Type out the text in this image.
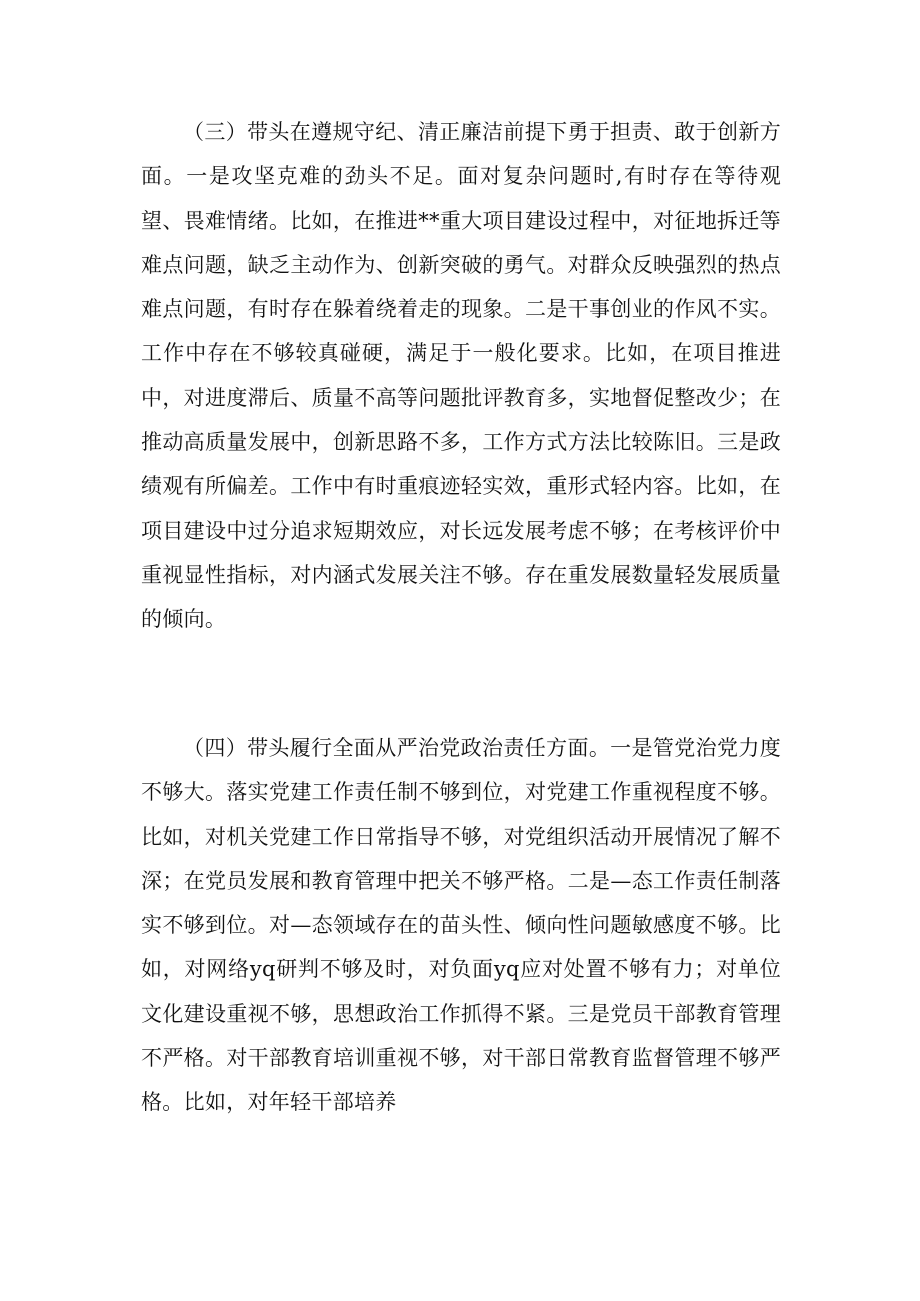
（三）带头在遵规守纪、清正廉洁前提下勇于担责、敢于创新方面。一是攻坚克难的劲头不足。面对复杂问题时,有时存在等待观望、畏难情绪。比如，在推进**重大项目建设过程中，对征地拆迁等难点问题，缺乏主动作为、创新突破的勇气。对群众反映强烈的热点难点问题，有时存在躲着绕着走的现象。二是干事创业的作风不实。工作中存在不够较真碰硬，满足于一般化要求。比如，在项目推进中，对进度滞后、质量不高等问题批评教育多，实地督促整改少；在推动高质量发展中，创新思路不多，工作方式方法比较陈旧。三是政绩观有所偏差。工作中有时重痕迹轻实效，重形式轻内容。比如，在项目建设中过分追求短期效应，对长远发展考虑不够；在考核评价中重视显性指标，对内涵式发展关注不够。存在重发展数量轻发展质量的倾向。

（四）带头履行全面从严治党政治责任方面。一是管党治党力度不够大。落实党建工作责任制不够到位，对党建工作重视程度不够。比如，对机关党建工作日常指导不够，对党组织活动开展情况了解不深；在党员发展和教育管理中把关不够严格。二是—态工作责任制落实不够到位。对—态领域存在的苗头性、倾向性问题敏感度不够。比如，对网络yq研判不够及时，对负面yq应对处置不够有力；对单位文化建设重视不够，思想政治工作抓得不紧。三是党员干部教育管理不严格。对干部教育培训重视不够，对干部日常教育监督管理不够严格。比如，对年轻干部培养
